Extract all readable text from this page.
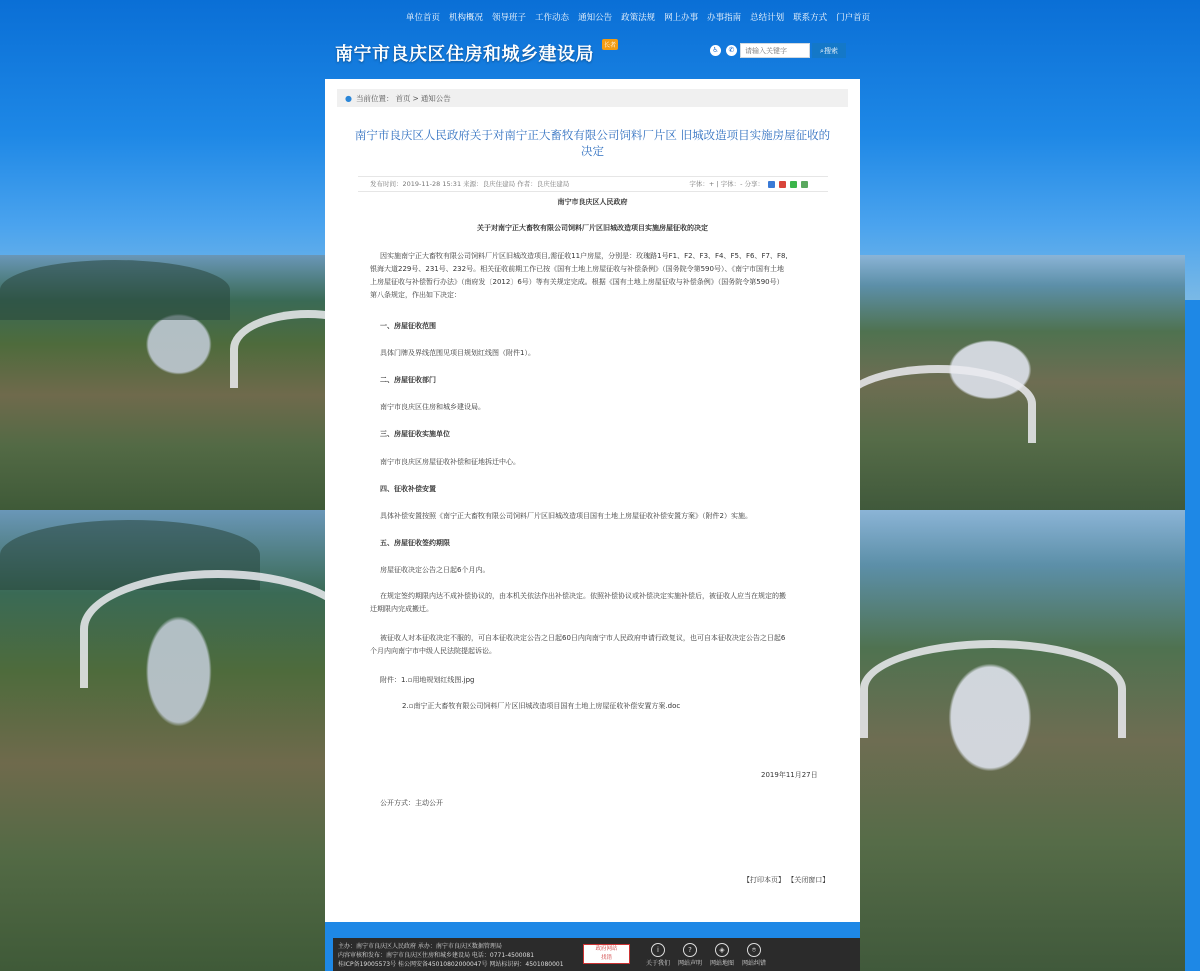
单位首页 机构概况 领导班子 工作动态 通知公告 政策法规 网上办事 办事指南 总结计划 联系方式 门户首页
南宁市良庆区住房和城乡建设局	长者
♿	✆
请输入关键字	⌕搜索
● 当前位置： 首页 > 通知公告
南宁市良庆区人民政府关于对南宁正大畜牧有限公司饲料厂片区 旧城改造项目实施房屋征收的
决定
发布时间：2019-11-28 15:31 来源：良庆住建局 作者：良庆住建局	字体：+ | 字体：- 分享：
南宁市良庆区人民政府
关于对南宁正大畜牧有限公司饲料厂片区旧城改造项目实施房屋征收的决定
因实施南宁正大畜牧有限公司饲料厂片区旧城改造项目,需征收11户房屋，分别是：玫瑰路1号F1、F2、F3、F4、F5、F6、F7、F8,
银海大道229号、231号、232号。相关征收前期工作已按《国有土地上房屋征收与补偿条例》（国务院令第590号）、《南宁市国有土地
上房屋征收与补偿暂行办法》（南府发〔2012〕6号）等有关规定完成。根据《国有土地上房屋征收与补偿条例》（国务院令第590号）
第八条规定，作出如下决定：
一、房屋征收范围
具体门牌及界线范围见项目规划红线图（附件1）。
二、房屋征收部门
南宁市良庆区住房和城乡建设局。
三、房屋征收实施单位
南宁市良庆区房屋征收补偿和征地拆迁中心。
四、征收补偿安置
具体补偿安置按照《南宁正大畜牧有限公司饲料厂片区旧城改造项目国有土地上房屋征收补偿安置方案》（附件2）实施。
五、房屋征收签约期限
房屋征收决定公告之日起6个月内。
在规定签约期限内达不成补偿协议的，由本机关依法作出补偿决定。依照补偿协议或补偿决定实施补偿后，被征收人应当在规定的搬
迁期限内完成搬迁。
被征收人对本征收决定不服的，可自本征收决定公告之日起60日内向南宁市人民政府申请行政复议，也可自本征收决定公告之日起6
个月内向南宁市中级人民法院提起诉讼。
附件：1.▫用地规划红线图.jpg
2.▫南宁正大畜牧有限公司饲料厂片区旧城改造项目国有土地上房屋征收补偿安置方案.doc
2019年11月27日
公开方式：主动公开
【打印本页】 【关闭窗口】
主办：南宁市良庆区人民政府 承办：南宁市良庆区数据管理局
内容审核和发布：南宁市良庆区住房和城乡建设局 电话：0771-4500081
桂ICP备19005573号 桂公网安备45010802000047号 网站标识码：4501080001
政府网站
找错
i
关于我们
?
网站声明
◈
网站地图
⌾
网站纠错
